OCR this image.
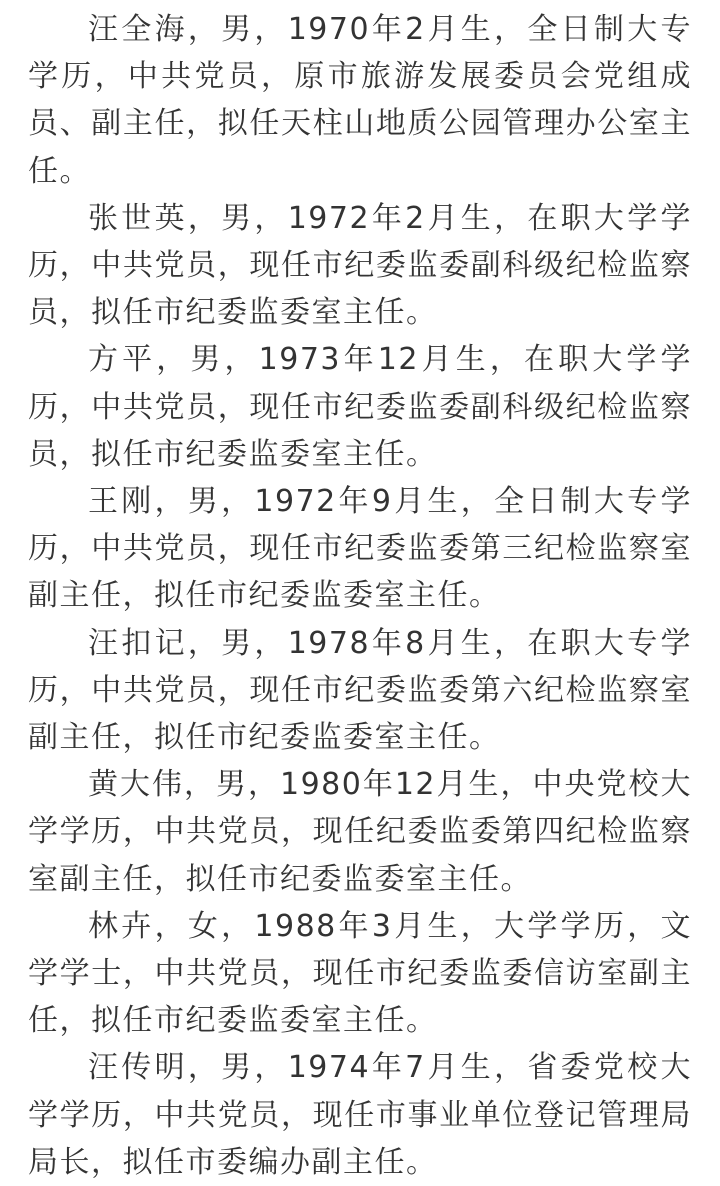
汪全海，男，1970年2月生，全日制大专学历，中共党员，原市旅游发展委员会党组成员、副主任，拟任天柱山地质公园管理办公室主任。

张世英，男，1972年2月生，在职大学学历，中共党员，现任市纪委监委副科级纪检监察员，拟任市纪委监委室主任。

方平，男，1973年12月生，在职大学学历，中共党员，现任市纪委监委副科级纪检监察员，拟任市纪委监委室主任。

王刚，男，1972年9月生，全日制大专学历，中共党员，现任市纪委监委第三纪检监察室副主任，拟任市纪委监委室主任。

汪扣记，男，1978年8月生，在职大专学历，中共党员，现任市纪委监委第六纪检监察室副主任，拟任市纪委监委室主任。

黄大伟，男，1980年12月生，中央党校大学学历，中共党员，现任纪委监委第四纪检监察室副主任，拟任市纪委监委室主任。

林卉，女，1988年3月生，大学学历，文学学士，中共党员，现任市纪委监委信访室副主任，拟任市纪委监委室主任。

汪传明，男，1974年7月生，省委党校大学学历，中共党员，现任市事业单位登记管理局局长，拟任市委编办副主任。
